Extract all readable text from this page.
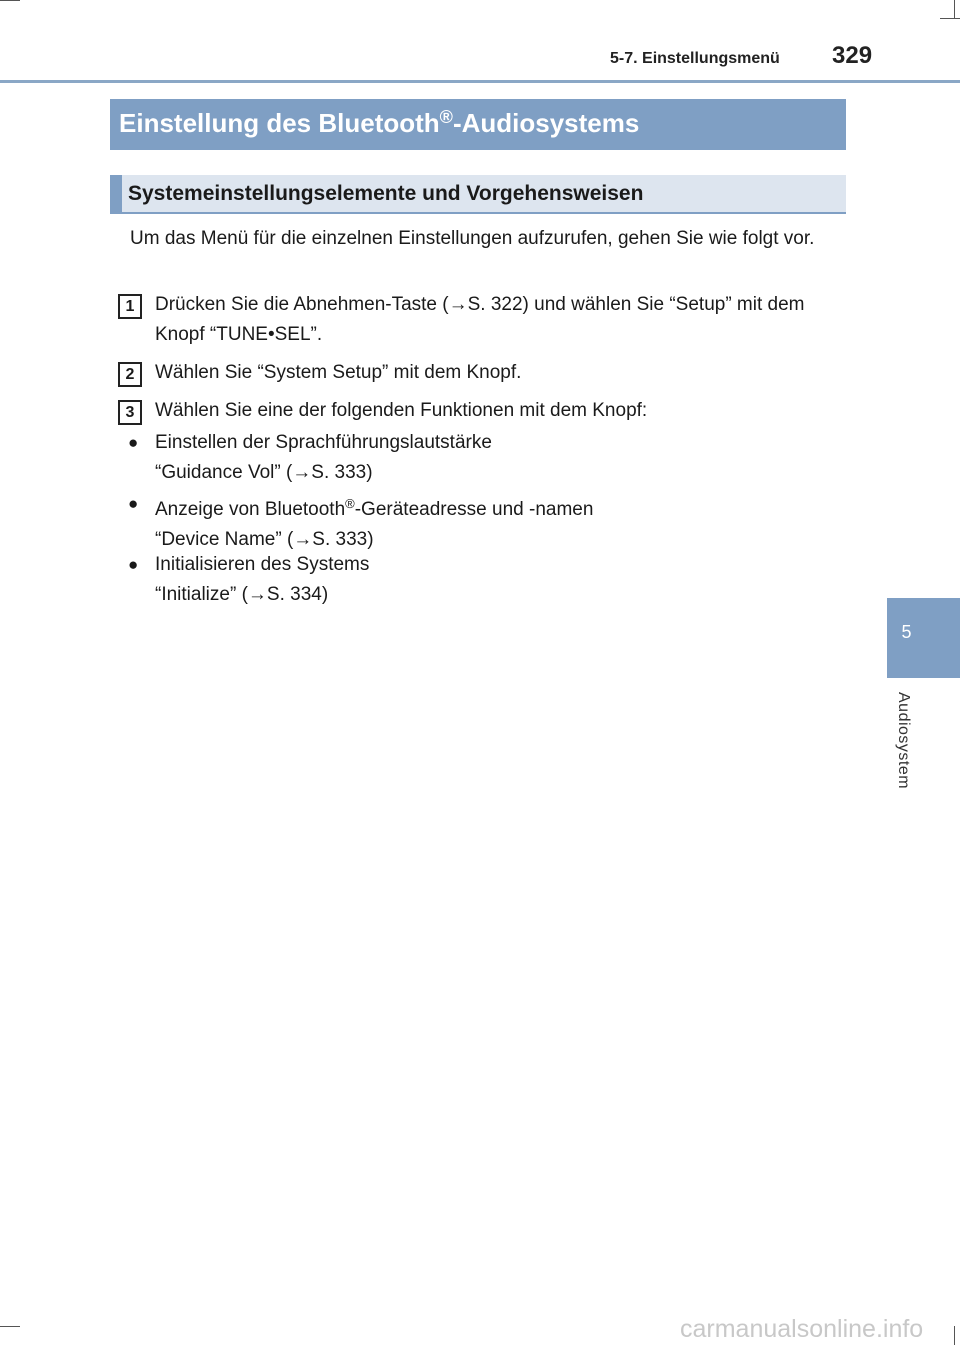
5-7. Einstellungsmenü 329
Einstellung des Bluetooth®-Audiosystems
Systemeinstellungselemente und Vorgehensweisen

Um das Menü für die einzelnen Einstellungen aufzurufen, gehen Sie wie folgt vor.

1	Drücken Sie die Abnehmen-Taste (→S. 322) und wählen Sie “Setup” mit dem Knopf “TUNE•SEL”.

2	Wählen Sie “System Setup” mit dem Knopf.

3	Wählen Sie eine der folgenden Funktionen mit dem Knopf:

● Einstellen der Sprachführungslautstärke
“Guidance Vol” (→S. 333)

● Anzeige von Bluetooth®-Geräteadresse und -namen
“Device Name” (→S. 333)

● Initialisieren des Systems
“Initialize” (→S. 334)

5
Audiosystem
carmanualsonline.info
